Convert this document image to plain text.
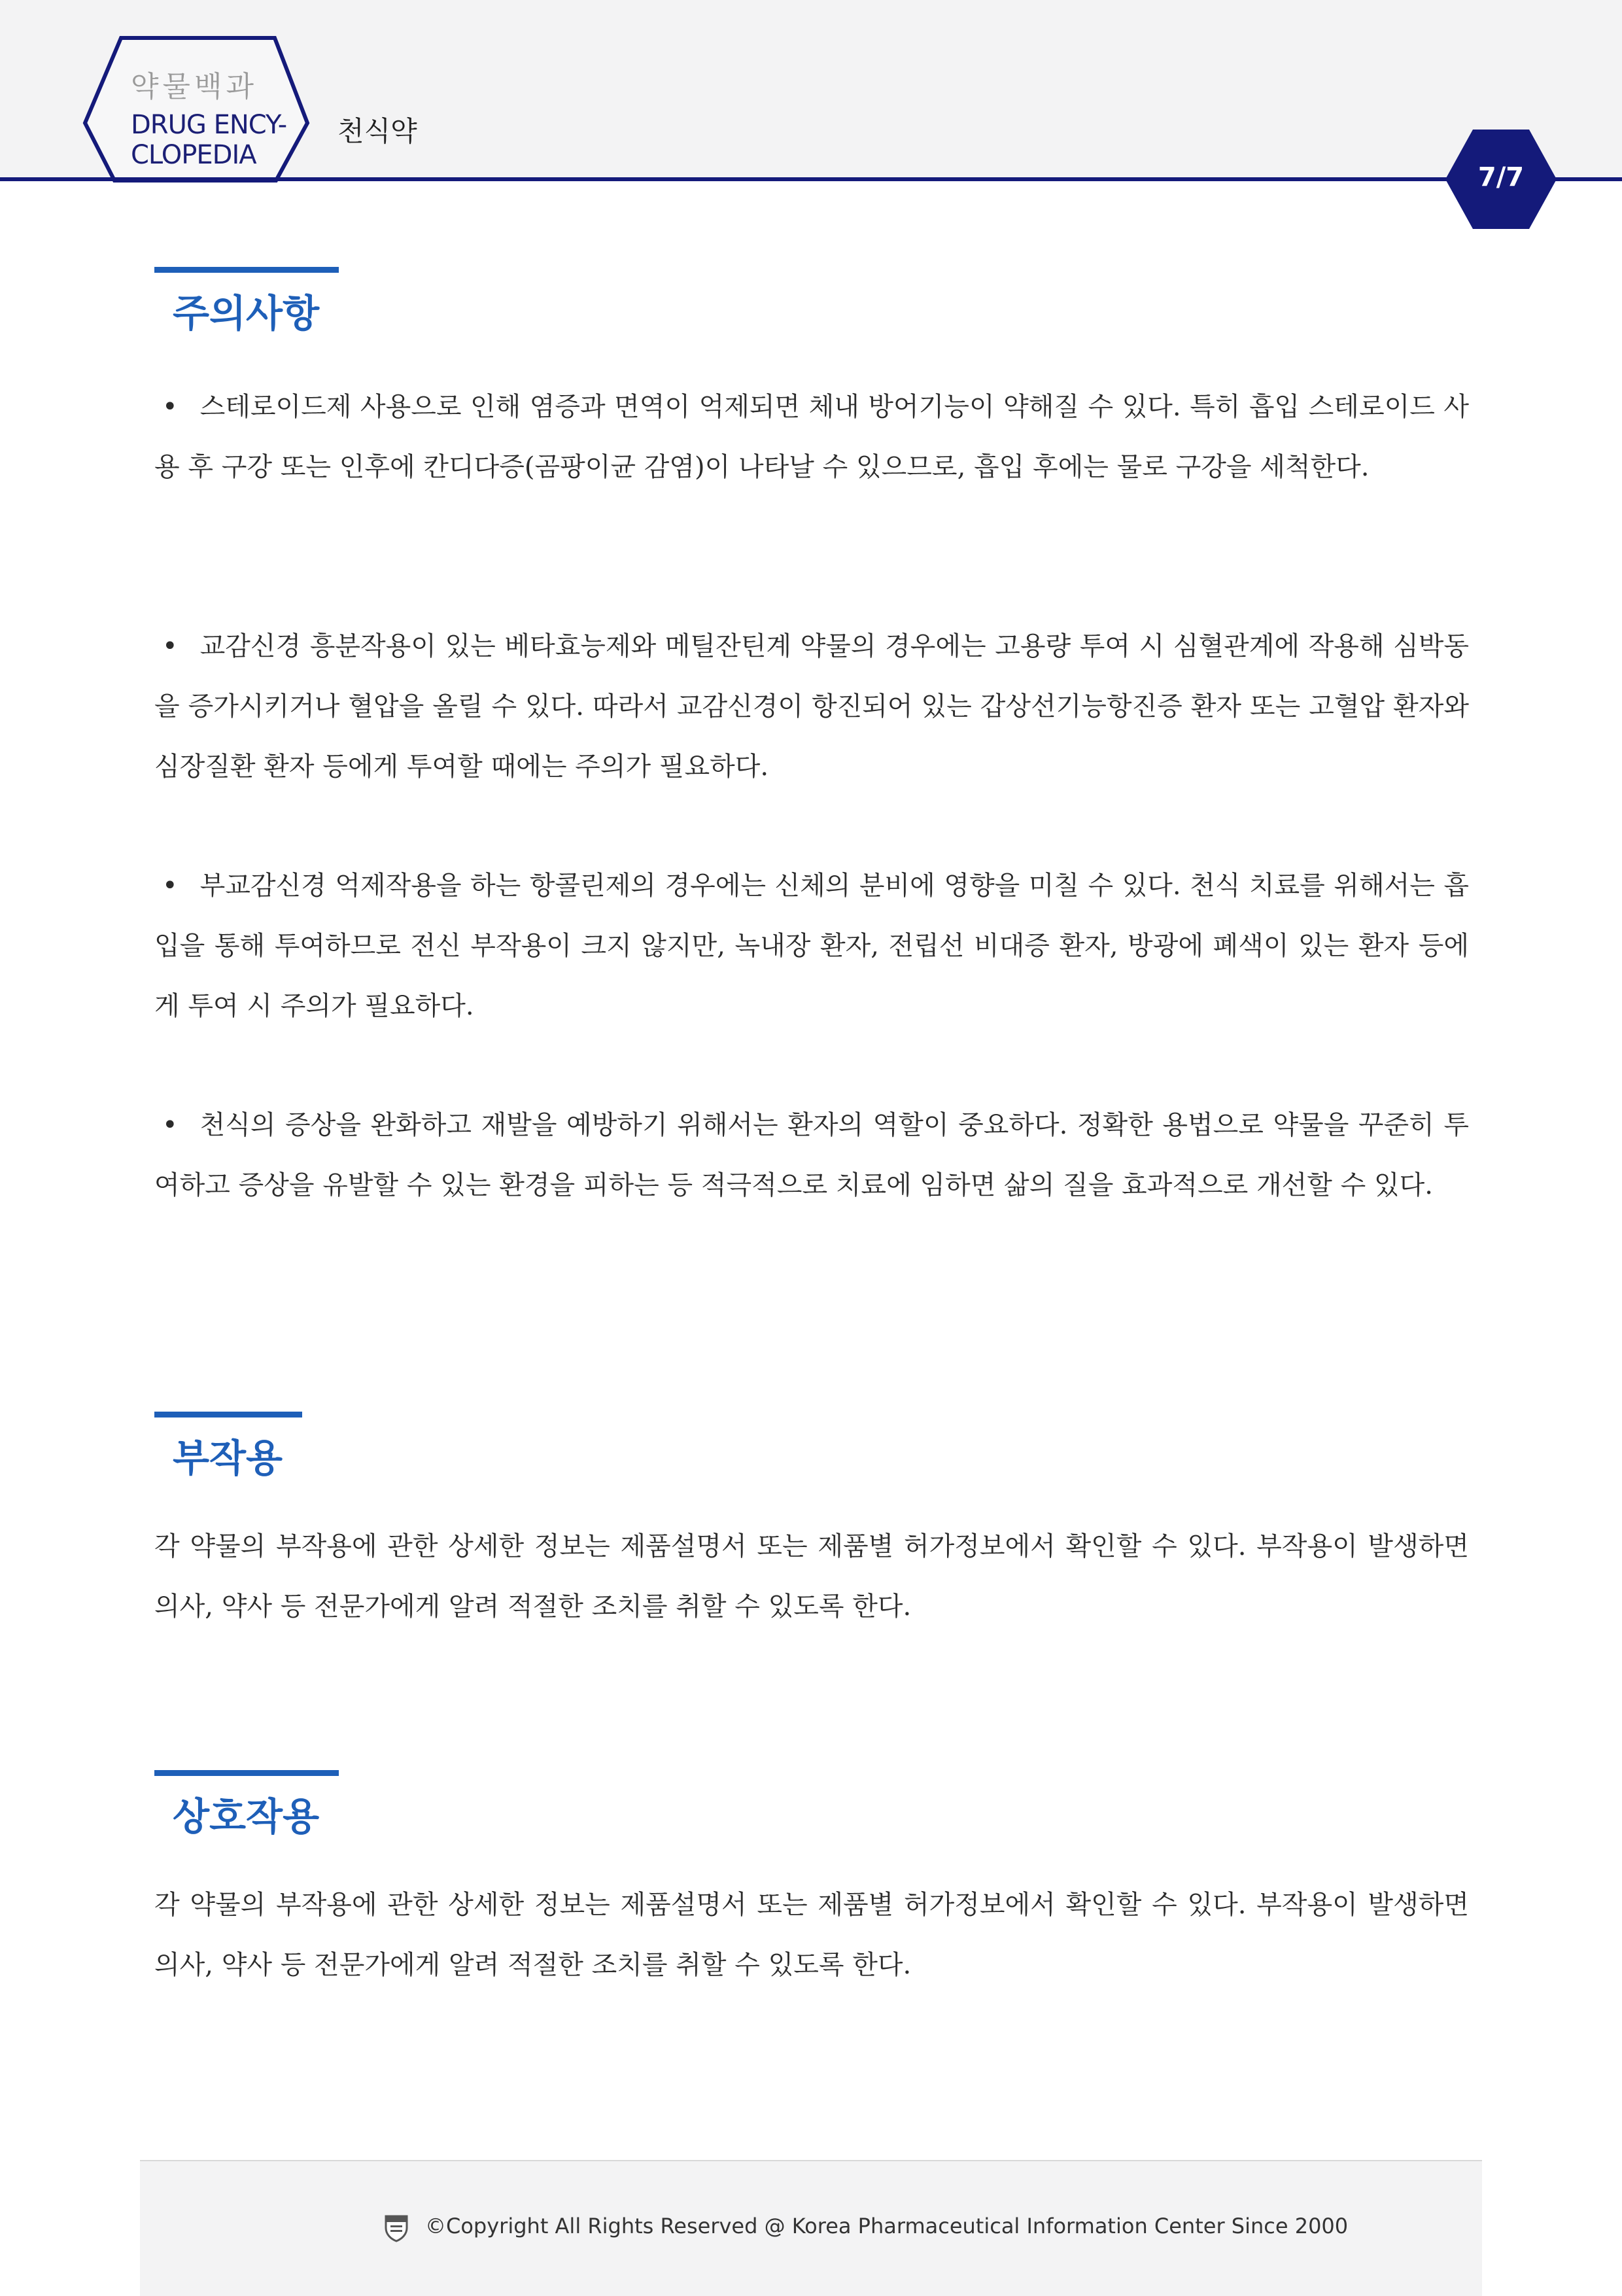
약물백과
DRUG ENCY-
CLOPEDIA
천식약
7/7
주의사항

• 스테로이드제 사용으로 인해 염증과 면역이 억제되면 체내 방어기능이 약해질 수 있다. 특히 흡입 스테로이드 사용 후 구강 또는 인후에 칸디다증(곰팡이균 감염)이 나타날 수 있으므로, 흡입 후에는 물로 구강을 세척한다.

• 교감신경 흥분작용이 있는 베타효능제와 메틸잔틴계 약물의 경우에는 고용량 투여 시 심혈관계에 작용해 심박동을 증가시키거나 혈압을 올릴 수 있다. 따라서 교감신경이 항진되어 있는 갑상선기능항진증 환자 또는 고혈압 환자와 심장질환 환자 등에게 투여할 때에는 주의가 필요하다.

• 부교감신경 억제작용을 하는 항콜린제의 경우에는 신체의 분비에 영향을 미칠 수 있다. 천식 치료를 위해서는 흡입을 통해 투여하므로 전신 부작용이 크지 않지만, 녹내장 환자, 전립선 비대증 환자, 방광에 폐색이 있는 환자 등에게 투여 시 주의가 필요하다.

• 천식의 증상을 완화하고 재발을 예방하기 위해서는 환자의 역할이 중요하다. 정확한 용법으로 약물을 꾸준히 투여하고 증상을 유발할 수 있는 환경을 피하는 등 적극적으로 치료에 임하면 삶의 질을 효과적으로 개선할 수 있다.

부작용

각 약물의 부작용에 관한 상세한 정보는 제품설명서 또는 제품별 허가정보에서 확인할 수 있다. 부작용이 발생하면 의사, 약사 등 전문가에게 알려 적절한 조치를 취할 수 있도록 한다.

상호작용

각 약물의 부작용에 관한 상세한 정보는 제품설명서 또는 제품별 허가정보에서 확인할 수 있다. 부작용이 발생하면 의사, 약사 등 전문가에게 알려 적절한 조치를 취할 수 있도록 한다.

©Copyright All Rights Reserved @ Korea Pharmaceutical Information Center Since 2000
